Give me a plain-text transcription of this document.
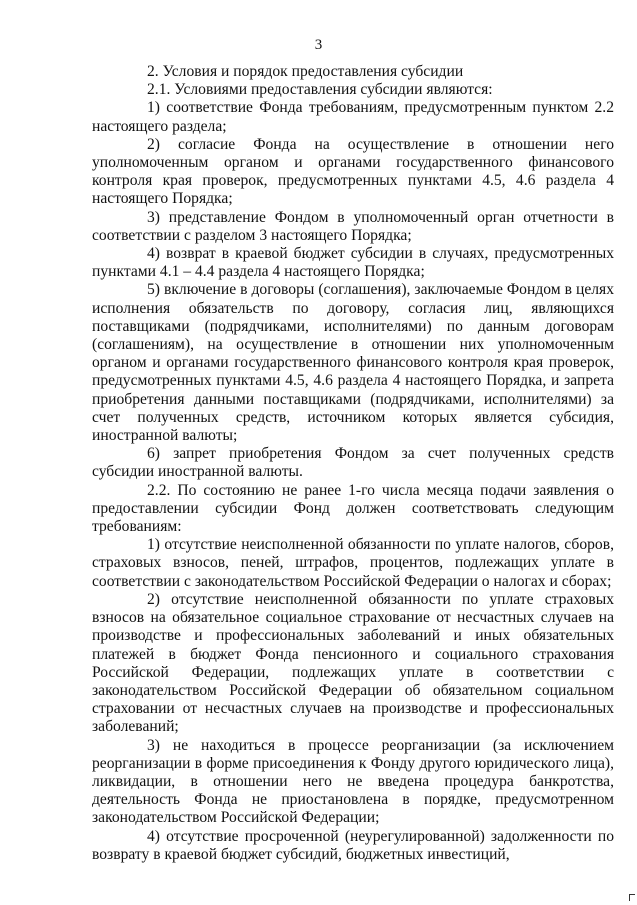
3

2. Условия и порядок предоставления субсидии

2.1. Условиями предоставления субсидии являются:

1) соответствие Фонда требованиям, предусмотренным пунктом 2.2 настоящего раздела;

2) согласие Фонда на осуществление в отношении него уполномоченным органом и органами государственного финансового контроля края проверок, предусмотренных пунктами 4.5, 4.6 раздела 4 настоящего Порядка;

3) представление Фондом в уполномоченный орган отчетности в соответствии с разделом 3 настоящего Порядка;

4) возврат в краевой бюджет субсидии в случаях, предусмотренных пунктами 4.1 – 4.4 раздела 4 настоящего Порядка;

5) включение в договоры (соглашения), заключаемые Фондом в целях исполнения обязательств по договору, согласия лиц, являющихся поставщиками (подрядчиками, исполнителями) по данным договорам (соглашениям), на осуществление в отношении них уполномоченным органом и органами государственного финансового контроля края проверок, предусмотренных пунктами 4.5, 4.6 раздела 4 настоящего Порядка, и запрета приобретения данными поставщиками (подрядчиками, исполнителями) за счет полученных средств, источником которых является субсидия, иностранной валюты;

6) запрет приобретения Фондом за счет полученных средств субсидии иностранной валюты.

2.2. По состоянию не ранее 1-го числа месяца подачи заявления о предоставлении субсидии Фонд должен соответствовать следующим требованиям:

1) отсутствие неисполненной обязанности по уплате налогов, сборов, страховых взносов, пеней, штрафов, процентов, подлежащих уплате в соответствии с законодательством Российской Федерации о налогах и сборах;

2) отсутствие неисполненной обязанности по уплате страховых взносов на обязательное социальное страхование от несчастных случаев на производстве и профессиональных заболеваний и иных обязательных платежей в бюджет Фонда пенсионного и социального страхования Российской Федерации, подлежащих уплате в соответствии с законодательством Российской Федерации об обязательном социальном страховании от несчастных случаев на производстве и профессиональных заболеваний;

3) не находиться в процессе реорганизации (за исключением реорганизации в форме присоединения к Фонду другого юридического лица), ликвидации, в отношении него не введена процедура банкротства, деятельность Фонда не приостановлена в порядке, предусмотренном законодательством Российской Федерации;

4) отсутствие просроченной (неурегулированной) задолженности по возврату в краевой бюджет субсидий, бюджетных инвестиций,
